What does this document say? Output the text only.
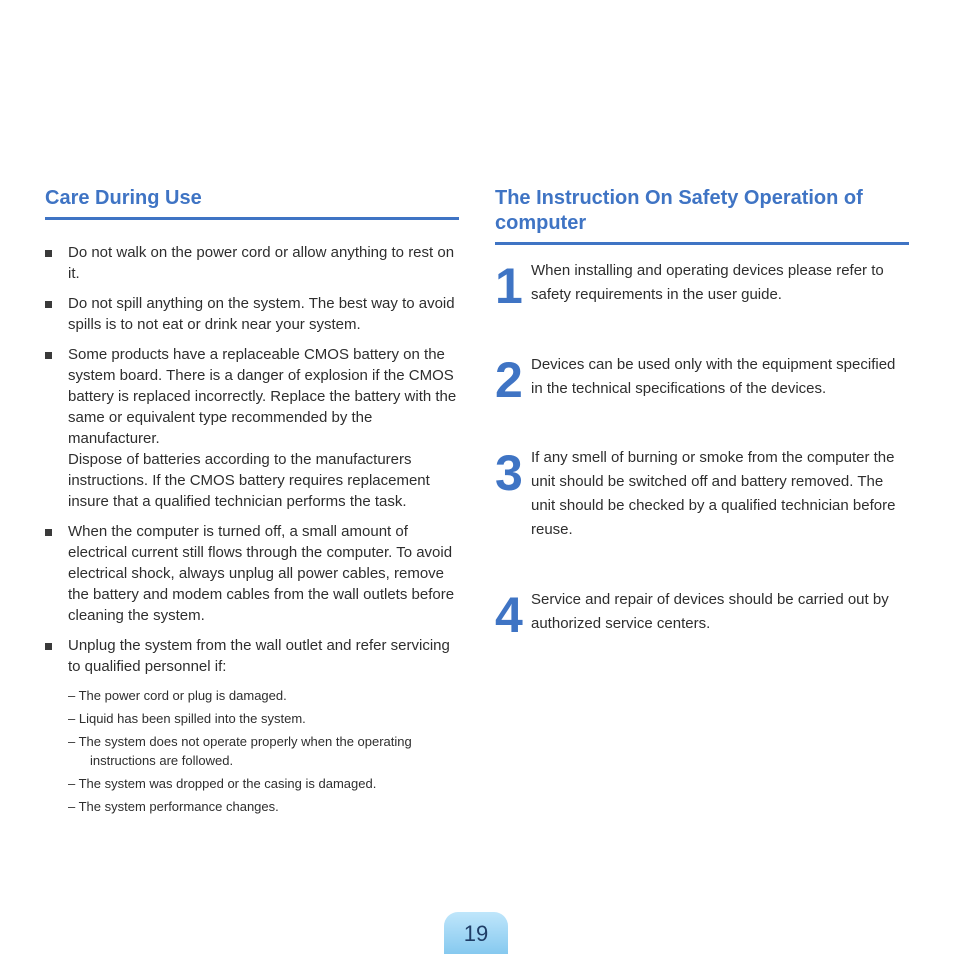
Care During Use
Do not walk on the power cord or allow anything to rest on it.
Do not spill anything on the system. The best way to avoid spills is to not eat or drink near your system.
Some products have a replaceable CMOS battery on the system board. There is a danger of explosion if the CMOS battery is replaced incorrectly. Replace the battery with the same or equivalent type recommended by the manufacturer.
Dispose of batteries according to the manufacturers instructions. If the CMOS battery requires replacement insure that a qualified technician performs the task.
When the computer is turned off, a small amount of electrical current still flows through the computer. To avoid electrical shock, always unplug all power cables, remove the battery and modem cables from the wall outlets before cleaning the system.
Unplug the system from the wall outlet and refer servicing to qualified personnel if:
– The power cord or plug is damaged.
– Liquid has been spilled into the system.
– The system does not operate properly when the operating instructions are followed.
– The system was dropped or the casing is damaged.
– The system performance changes.
The Instruction On Safety Operation of computer
1 When installing and operating devices please refer to safety requirements in the user guide.
2 Devices can be used only with the equipment specified in the technical specifications of the devices.
3 If any smell of burning or smoke from the computer the unit should be switched off and battery removed. The unit should be checked by a qualified technician before reuse.
4 Service and repair of devices should be carried out by authorized service centers.
19
